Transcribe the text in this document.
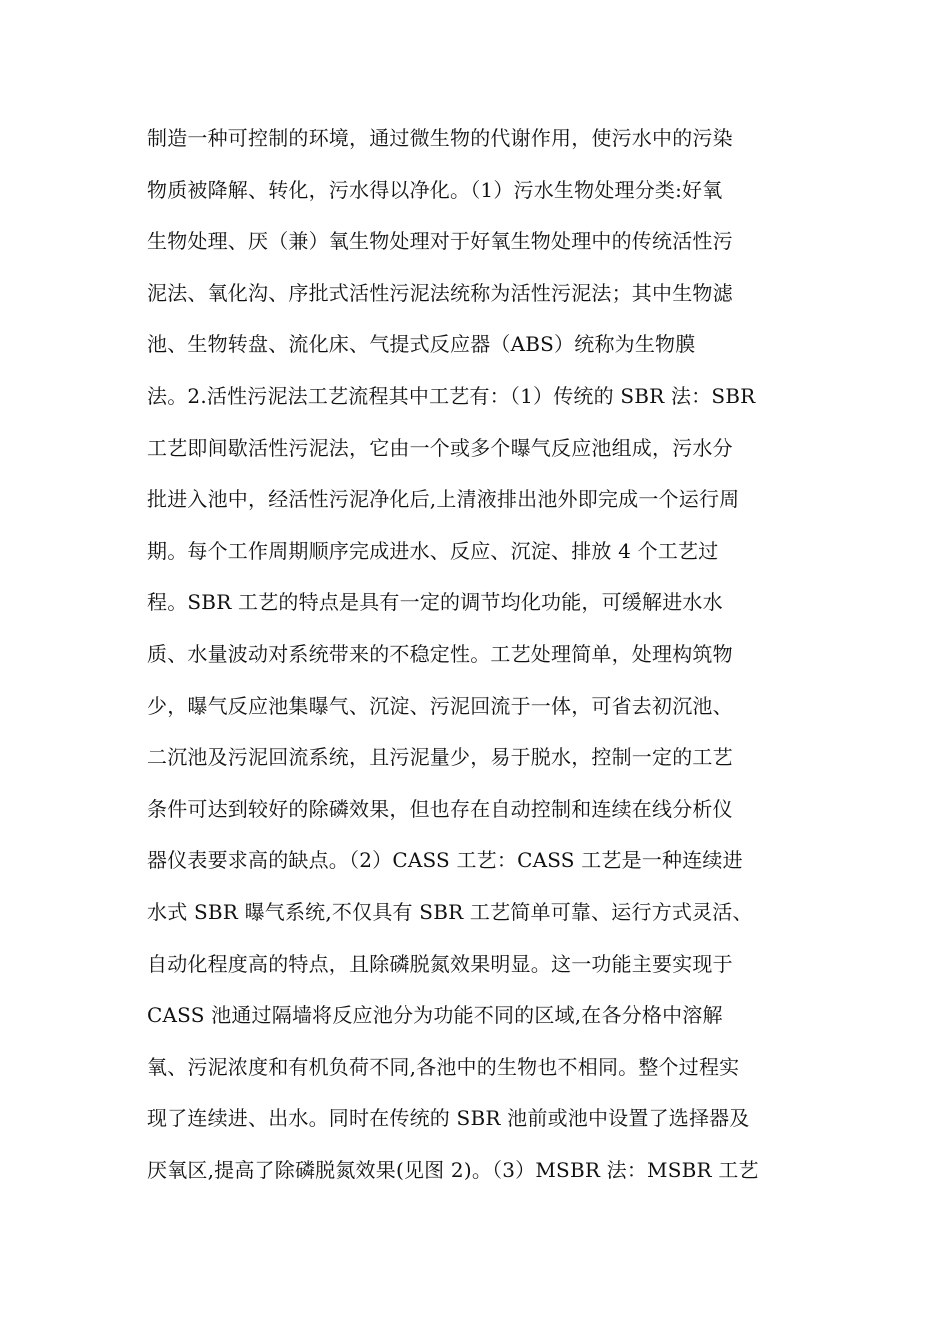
制造一种可控制的环境，通过微生物的代谢作用，使污水中的污染
物质被降解、转化，污水得以净化。（1）污水生物处理分类:好氧
生物处理、厌（兼）氧生物处理对于好氧生物处理中的传统活性污
泥法、氧化沟、序批式活性污泥法统称为活性污泥法；其中生物滤
池、生物转盘、流化床、气提式反应器（ABS）统称为生物膜
法。2.活性污泥法工艺流程其中工艺有：（1）传统的 SBR 法：SBR
工艺即间歇活性污泥法，它由一个或多个曝气反应池组成，污水分
批进入池中，经活性污泥净化后,上清液排出池外即完成一个运行周
期。每个工作周期顺序完成进水、反应、沉淀、排放 4 个工艺过
程。SBR 工艺的特点是具有一定的调节均化功能，可缓解进水水
质、水量波动对系统带来的不稳定性。工艺处理简单，处理构筑物
少，曝气反应池集曝气、沉淀、污泥回流于一体，可省去初沉池、
二沉池及污泥回流系统，且污泥量少，易于脱水，控制一定的工艺
条件可达到较好的除磷效果，但也存在自动控制和连续在线分析仪
器仪表要求高的缺点。（2）CASS 工艺：CASS 工艺是一种连续进
水式 SBR 曝气系统,不仅具有 SBR 工艺简单可靠、运行方式灵活、
自动化程度高的特点，且除磷脱氮效果明显。这一功能主要实现于
CASS 池通过隔墙将反应池分为功能不同的区域,在各分格中溶解
氧、污泥浓度和有机负荷不同,各池中的生物也不相同。整个过程实
现了连续进、出水。同时在传统的 SBR 池前或池中设置了选择器及
厌氧区,提高了除磷脱氮效果(见图 2)。（3）MSBR 法：MSBR 工艺
